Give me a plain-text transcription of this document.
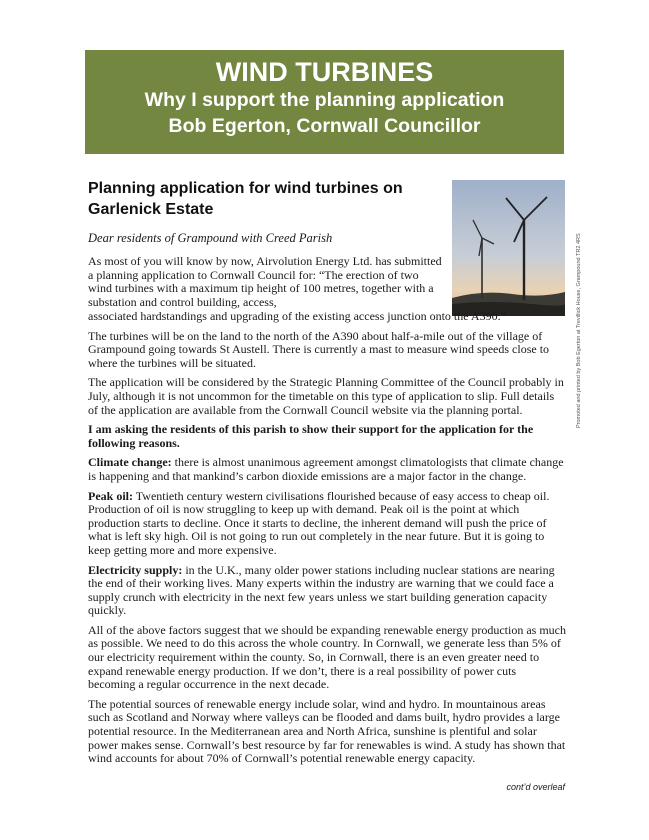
WIND TURBINES
Why I support the planning application
Bob Egerton, Cornwall Councillor
Promoted and printed by Bob Egerton at Trevillick House, Grampound TR2 4RS
Planning application for wind turbines on Garlenick Estate
Dear residents of Grampound with Creed Parish
As most of you will know by now, Airvolution Energy Ltd. has submitted a planning application to Cornwall Council for: “The erection of two wind turbines with a maximum tip height of 100 metres, together with a substation and control building, access,

associated hardstandings and upgrading of the existing access junction onto the A390.”

The turbines will be on the land to the north of the A390 about half-a-mile out of the village of Grampound going towards St Austell. There is currently a mast to measure wind speeds close to where the turbines will be situated.

The application will be considered by the Strategic Planning Committee of the Council probably in July, although it is not uncommon for the timetable on this type of application to slip. Full details of the application are available from the Cornwall Council website via the planning portal.

I am asking the residents of this parish to show their support for the application for the following reasons.

Climate change: there is almost unanimous agreement amongst climatologists that climate change is happening and that mankind’s carbon dioxide emissions are a major factor in the change.

Peak oil: Twentieth century western civilisations flourished because of easy access to cheap oil. Production of oil is now struggling to keep up with demand. Peak oil is the point at which production starts to decline. Once it starts to decline, the inherent demand will push the price of what is left sky high. Oil is not going to run out completely in the near future. But it is going to keep getting more and more expensive.

Electricity supply: in the U.K., many older power stations including nuclear stations are nearing the end of their working lives. Many experts within the industry are warning that we could face a supply crunch with electricity in the next few years unless we start building generation capacity quickly.

All of the above factors suggest that we should be expanding renewable energy production as much as possible. We need to do this across the whole country. In Cornwall, we generate less than 5% of our electricity requirement within the county. So, in Cornwall, there is an even greater need to expand renewable energy production. If we don’t, there is a real possibility of power cuts becoming a regular occurrence in the next decade.

The potential sources of renewable energy include solar, wind and hydro. In mountainous areas such as Scotland and Norway where valleys can be flooded and dams built, hydro provides a large potential resource. In the Mediterranean area and North Africa, sunshine is plentiful and solar power makes sense. Cornwall’s best resource by far for renewables is wind. A study has shown that wind accounts for about 70% of Cornwall’s potential renewable energy capacity.

cont’d overleaf
